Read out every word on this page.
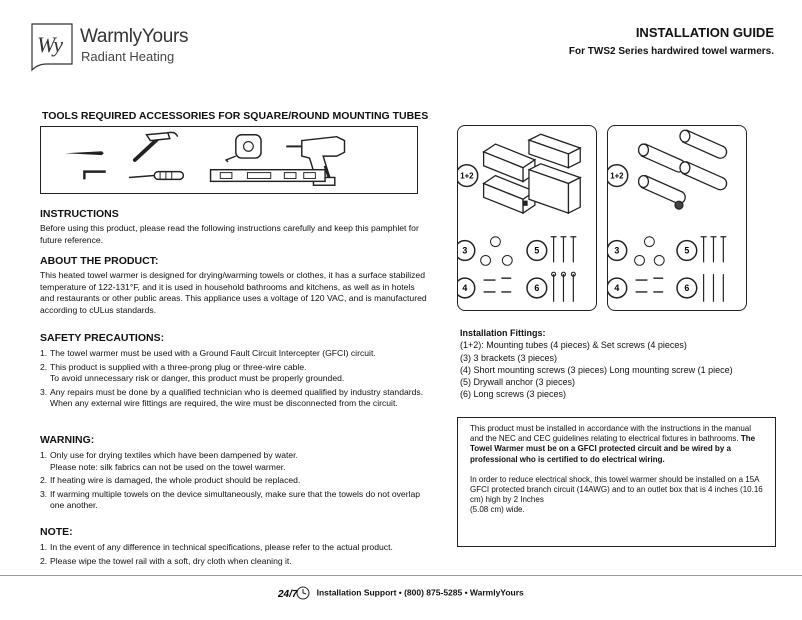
Wy WarmlyYours
Radiant Heating
INSTALLATION GUIDE
For TWS2 Series hardwired towel warmers.
TOOLS REQUIRED ACCESSORIES FOR SQUARE/ROUND MOUNTING TUBES
INSTRUCTIONS
Before using this product, please read the following instructions carefully and keep this pamphlet for future reference.
ABOUT THE PRODUCT:
This heated towel warmer is designed for drying/warming towels or clothes, it has a surface stabilized temperature of 122-131°F, and it is used in household bathrooms and kitchens, as well as in hotels and restaurants or other public areas. This appliance uses a voltage of 120 VAC, and is manufactured according to cULus standards.
SAFETY PRECAUTIONS:
1. The towel warmer must be used with a Ground Fault Circuit Intercepter (GFCI) circuit.
2. This product is supplied with a three-prong plug or three-wire cable.
To avoid unnecessary risk or danger, this product must be properly grounded.
3. Any repairs must be done by a qualified technician who is deemed qualified by industry standards. When any external wire fittings are required, the wire must be disconnected from the circuit.
WARNING:
1. Only use for drying textiles which have been dampened by water.
Please note: silk fabrics can not be used on the towel warmer.
2. If heating wire is damaged, the whole product should be replaced.
3. If warming multiple towels on the device simultaneously, make sure that the towels do not overlap one another.
NOTE:
1. In the event of any difference in technical specifications, please refer to the actual product.
2. Please wipe the towel rail with a soft, dry cloth when cleaning it.
1+2
3	5
4	6
1+2
3	5
4	6
Installation Fittings:
(1+2): Mounting tubes (4 pieces) & Set screws (4 pieces)
(3) 3 brackets (3 pieces)
(4) Short mounting screws (3 pieces) Long mounting screw (1 piece)
(5) Drywall anchor (3 pieces)
(6) Long screws (3 pieces)

This product must be installed in accordance with the instructions in the manual and the NEC and CEC guidelines relating to electrical fixtures in bathrooms. The Towel Warmer must be on a GFCI protected circuit and be wired by a professional who is certified to do electrical wiring.

In order to reduce electrical shock, this towel warmer should be installed on a 15A GFCI protected branch circuit (14AWG) and to an outlet box that is 4 inches (10.16 cm) high by 2 Inches
(5.08 cm) wide.

24/7 Installation Support • (800) 875-5285 • WarmlyYours
